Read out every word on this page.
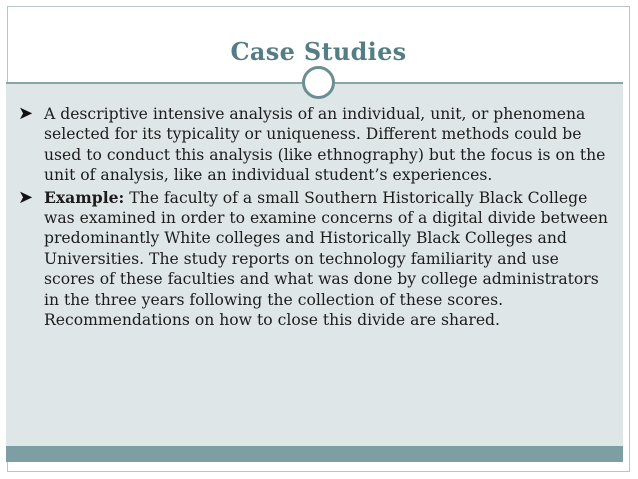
Case Studies
➤ A descriptive intensive analysis of an individual, unit, or phenomena selected for its typicality or uniqueness. Different methods could be used to conduct this analysis (like ethnography) but the focus is on the unit of analysis, like an individual student’s experiences.
➤ Example: The faculty of a small Southern Historically Black College was examined in order to examine concerns of a digital divide between predominantly White colleges and Historically Black Colleges and Universities. The study reports on technology familiarity and use scores of these faculties and what was done by college administrators in the three years following the collection of these scores. Recommendations on how to close this divide are shared.
